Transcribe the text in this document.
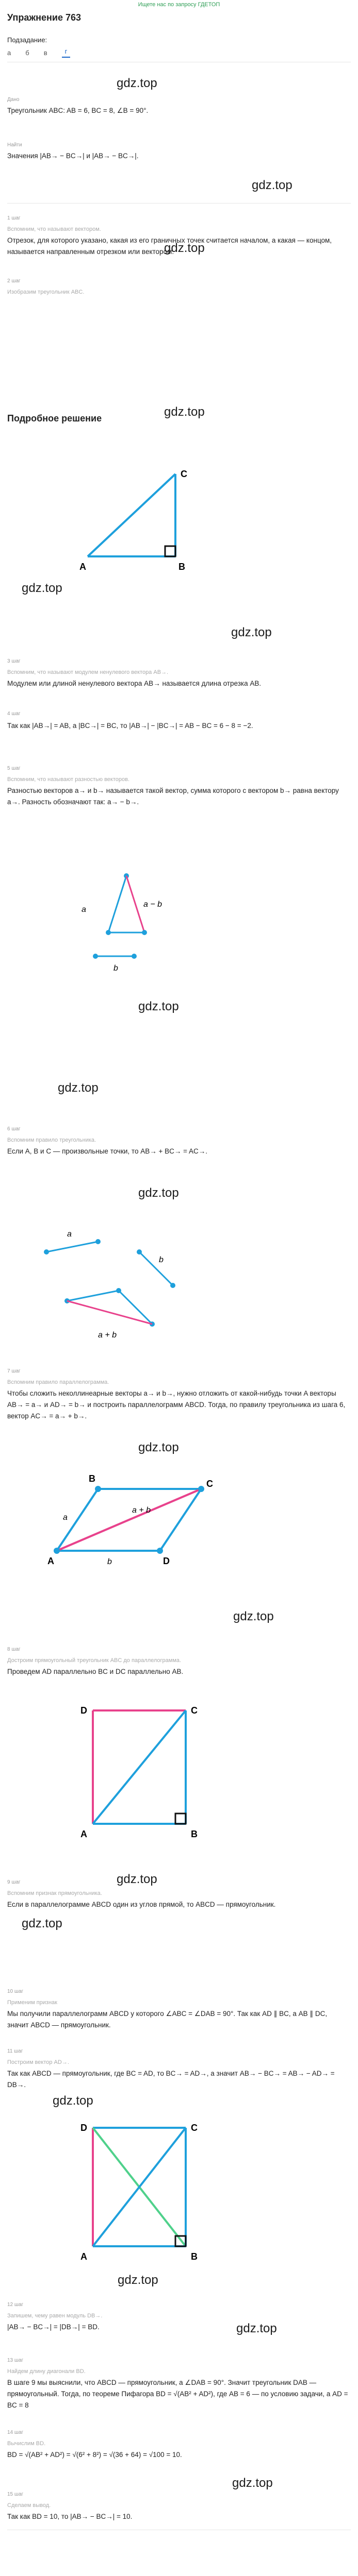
Ищете нас по запросу ГДЕТОП
Упражнение 763
Подзадание:
a б в	г
Дано
Треугольник ABC: AB = 6, BC = 8, ∠B = 90°.
Найти
Значения |AB→ − BC→| и |AB→ − BC→|.
gdz.top
gdz.top
gdz.top
1 шаг
Вспомним, что называют вектором.
Отрезок, для которого указано, какая из его граничных точек считается началом, а какая — концом, называется направленным отрезком или вектором.
2 шаг
Изобразим треугольник ABC.
A	B
C
gdz.top
gdz.top
gdz.top
3 шаг
Вспомним, что называют модулем ненулевого вектора AB→.
Модулем или длиной ненулевого вектора AB→ называется длина отрезка AB.
4 шаг
Так как |AB→| = AB, а |BC→| = BC, то |AB→| − |BC→| = AB − BC = 6 − 8 = −2.
5 шаг
Вспомним, что называют разностью векторов.
Разностью векторов a→ и b→ называется такой вектор, сумма которого с вектором b→ равна вектору a→. Разность обозначают так: a→ − b→.
a
a − b
b
gdz.top
gdz.top
6 шаг
Вспомним правило треугольника.
Если A, B и C — произвольные точки, то AB→ + BC→ = AC→.
gdz.top
a
b
a + b
7 шаг
Вспомним правило параллелограмма.
Чтобы сложить неколлинеарные векторы a→ и b→, нужно отложить от какой-нибудь точки A векторы AB→ = a→ и AD→ = b→ и построить параллелограмм ABCD. Тогда, по правилу треугольника из шага 6, вектор AC→ = a→ + b→.
gdz.top
A
B	C
D
a
b
a + b
gdz.top
8 шаг
Достроим прямоугольный треугольник ABC до параллелограмма.
Проведем AD параллельно BC и DC параллельно AB.
D	C
A	B
gdz.top
gdz.top
9 шаг
Вспомним признак прямоугольника.
Если в параллелограмме ABCD один из углов прямой, то ABCD — прямоугольник.
10 шаг
Применим признак
Мы получили параллелограмм ABCD у которого ∠ABC = ∠DAB = 90°. Так как AD ∥ BC, а AB ∥ DC, значит ABCD — прямоугольник.
11 шаг
Построим вектор AD→.
Так как ABCD — прямоугольник, где BC = AD, то BC→ = AD→, а значит AB→ − BC→ = AB→ − AD→ = DB→.
gdz.top
D	C
A	B
gdz.top
gdz.top
12 шаг
Запишем, чему равен модуль DB→.
|AB→ − BC→| = |DB→| = BD.
13 шаг
Найдем длину диагонали BD.
В шаге 9 мы выяснили, что ABCD — прямоугольник, а ∠DAB = 90°. Значит треугольник DAB — прямоугольный. Тогда, по теореме Пифагора BD = √(AB² + AD²), где AB = 6 — по условию задачи, а AD = BC = 8
14 шаг
Вычислим BD.
BD = √(AB² + AD²) = √(6² + 8²) = √(36 + 64) = √100 = 10.
gdz.top
15 шаг
Сделаем вывод.
Так как BD = 10, то |AB→ − BC→| = 10.
Подробное решение
